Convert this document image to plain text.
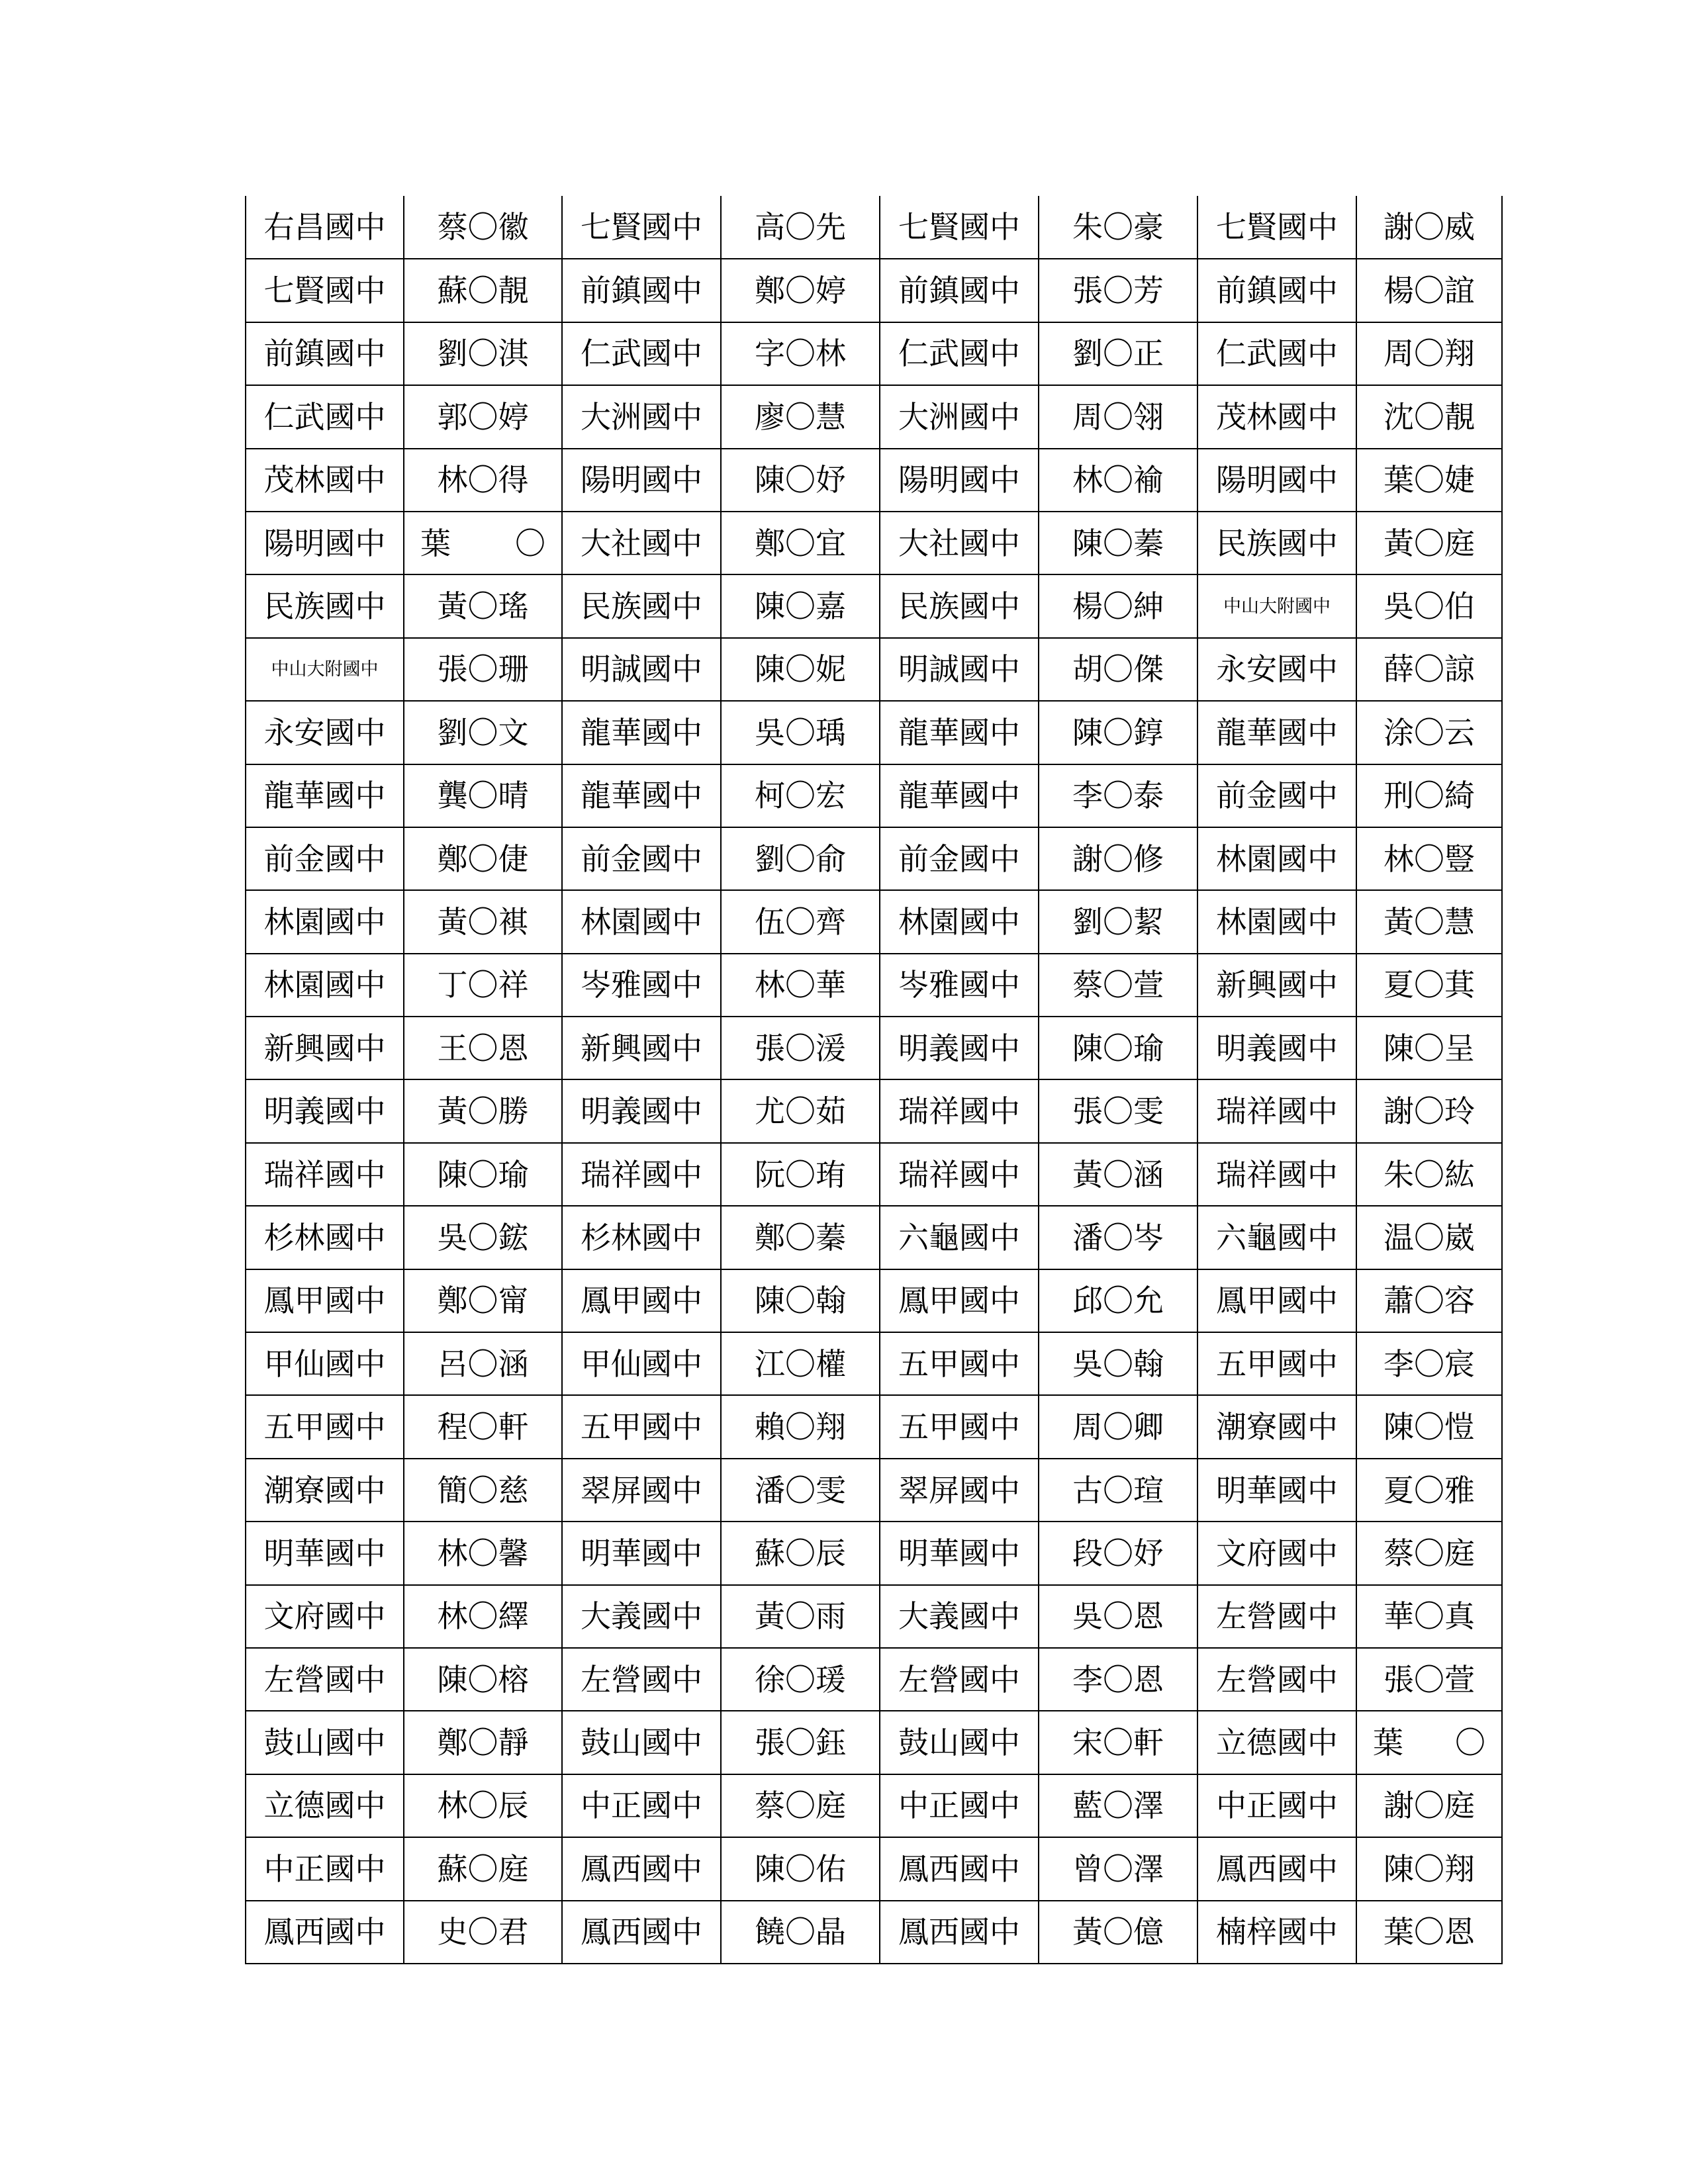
右昌國中	蔡〇徽	七賢國中	高〇先	七賢國中	朱〇豪	七賢國中	謝〇威
七賢國中	蘇〇靚	前鎮國中	鄭〇婷	前鎮國中	張〇芳	前鎮國中	楊〇誼
前鎮國中	劉〇淇	仁武國中	字〇林	仁武國中	劉〇正	仁武國中	周〇翔
仁武國中	郭〇婷	大洲國中	廖〇慧	大洲國中	周〇翎	茂林國中	沈〇靚
茂林國中	林〇得	陽明國中	陳〇妤	陽明國中	林〇褕	陽明國中	葉〇婕
陽明國中	葉 〇	大社國中	鄭〇宜	大社國中	陳〇蓁	民族國中	黃〇庭
民族國中	黃〇瑤	民族國中	陳〇嘉	民族國中	楊〇紳	中山大附國中	吳〇伯
中山大附國中	張〇珊	明誠國中	陳〇妮	明誠國中	胡〇傑	永安國中	薛〇諒
永安國中	劉〇文	龍華國中	吳〇瑀	龍華國中	陳〇錞	龍華國中	涂〇云
龍華國中	龔〇晴	龍華國中	柯〇宏	龍華國中	李〇泰	前金國中	刑〇綺
前金國中	鄭〇倢	前金國中	劉〇俞	前金國中	謝〇修	林園國中	林〇豎
林園國中	黃〇褀	林園國中	伍〇齊	林園國中	劉〇絜	林園國中	黃〇慧
林園國中	丁〇祥	岑雅國中	林〇華	岑雅國中	蔡〇萱	新興國中	夏〇萁
新興國中	王〇恩	新興國中	張〇湲	明義國中	陳〇瑜	明義國中	陳〇呈
明義國中	黃〇勝	明義國中	尤〇茹	瑞祥國中	張〇雯	瑞祥國中	謝〇玲
瑞祥國中	陳〇瑜	瑞祥國中	阮〇珛	瑞祥國中	黃〇涵	瑞祥國中	朱〇紘
杉林國中	吳〇鋐	杉林國中	鄭〇蓁	六龜國中	潘〇岑	六龜國中	温〇崴
鳳甲國中	鄭〇甯	鳳甲國中	陳〇翰	鳳甲國中	邱〇允	鳳甲國中	蕭〇容
甲仙國中	呂〇涵	甲仙國中	江〇權	五甲國中	吳〇翰	五甲國中	李〇宸
五甲國中	程〇軒	五甲國中	賴〇翔	五甲國中	周〇卿	潮寮國中	陳〇愷
潮寮國中	簡〇慈	翠屏國中	潘〇雯	翠屏國中	古〇瑄	明華國中	夏〇雅
明華國中	林〇馨	明華國中	蘇〇辰	明華國中	段〇妤	文府國中	蔡〇庭
文府國中	林〇繹	大義國中	黃〇雨	大義國中	吳〇恩	左營國中	華〇真
左營國中	陳〇榕	左營國中	徐〇瑗	左營國中	李〇恩	左營國中	張〇萱
鼓山國中	鄭〇靜	鼓山國中	張〇鈺	鼓山國中	宋〇軒	立德國中	葉 〇
立德國中	林〇辰	中正國中	蔡〇庭	中正國中	藍〇澤	中正國中	謝〇庭
中正國中	蘇〇庭	鳳西國中	陳〇佑	鳳西國中	曾〇澤	鳳西國中	陳〇翔
鳳西國中	史〇君	鳳西國中	饒〇晶	鳳西國中	黃〇億	楠梓國中	葉〇恩
